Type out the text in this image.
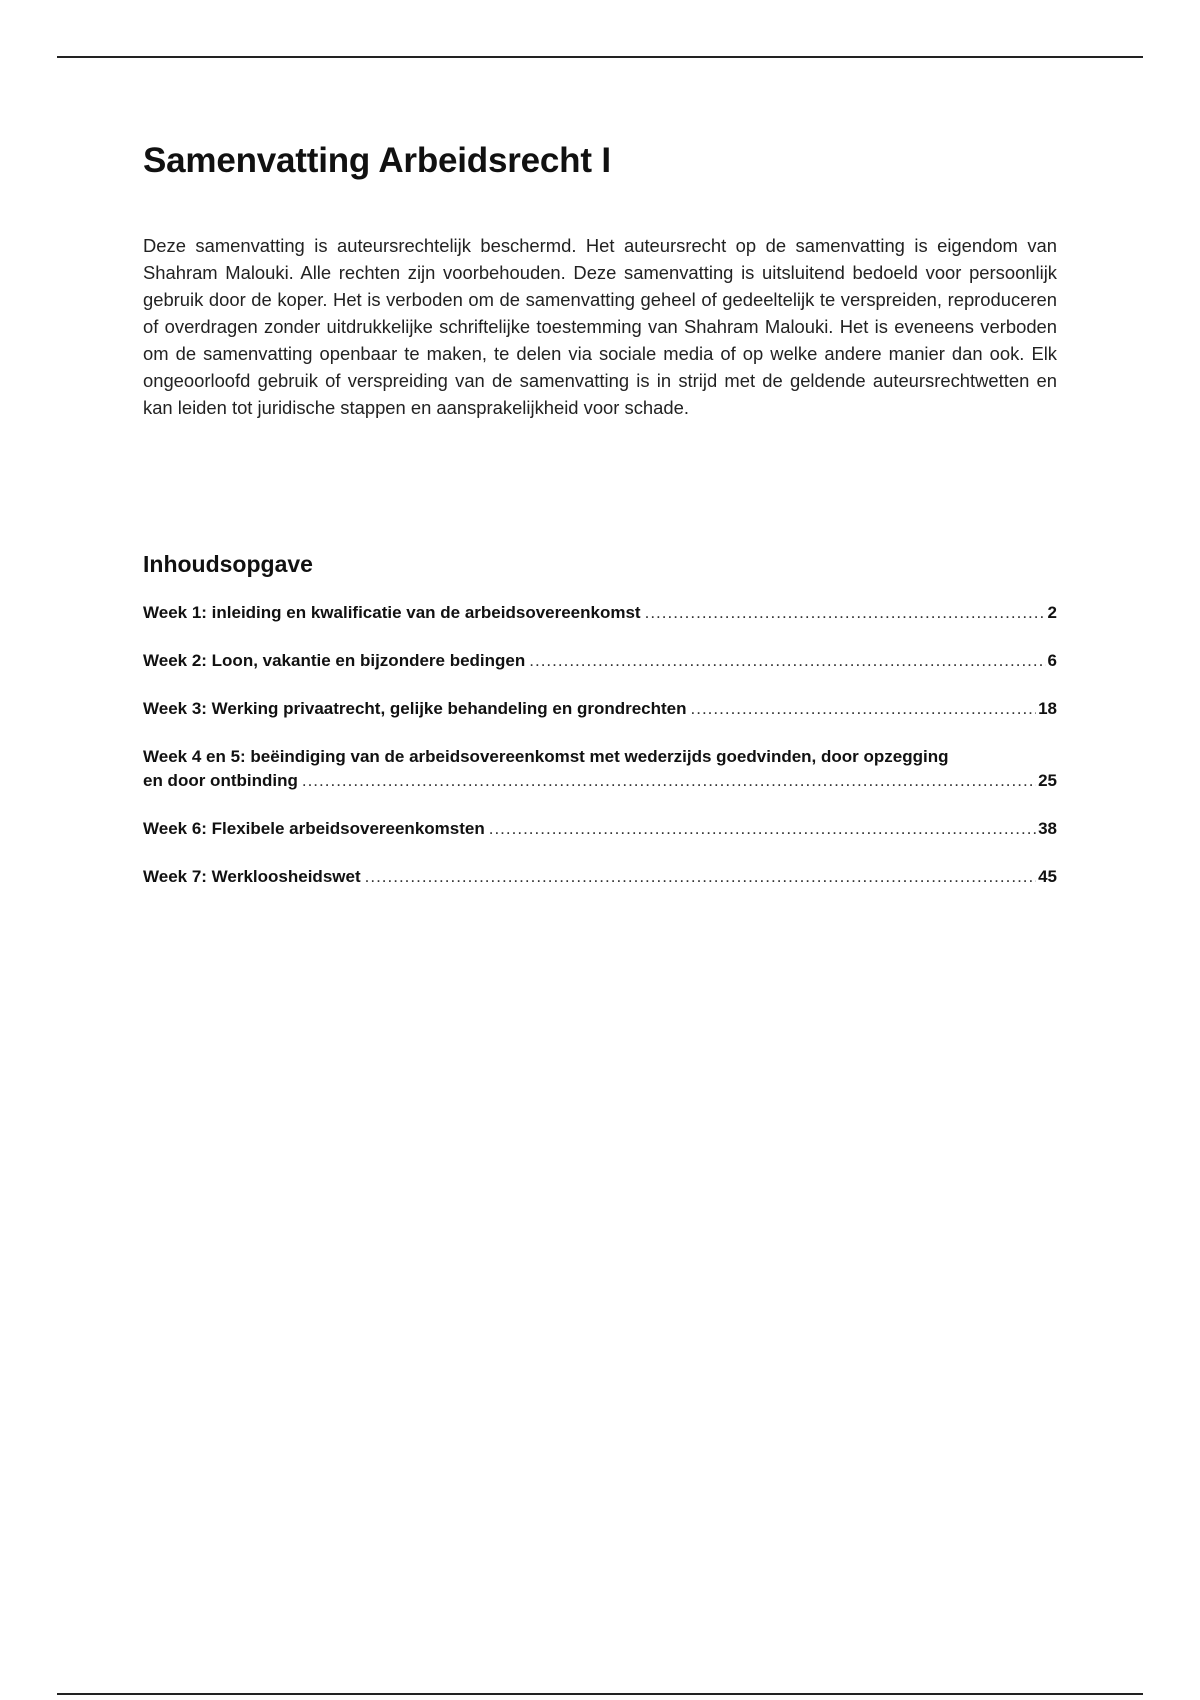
Samenvatting Arbeidsrecht I

Deze samenvatting is auteursrechtelijk beschermd. Het auteursrecht op de samenvatting is eigendom van Shahram Malouki. Alle rechten zijn voorbehouden. Deze samenvatting is uitsluitend bedoeld voor persoonlijk gebruik door de koper. Het is verboden om de samenvatting geheel of gedeeltelijk te verspreiden, reproduceren of overdragen zonder uitdrukkelijke schriftelijke toestemming van Shahram Malouki. Het is eveneens verboden om de samenvatting openbaar te maken, te delen via sociale media of op welke andere manier dan ook. Elk ongeoorloofd gebruik of verspreiding van de samenvatting is in strijd met de geldende auteursrechtwetten en kan leiden tot juridische stappen en aansprakelijkheid voor schade.

Inhoudsopgave
Week 1: inleiding en kwalificatie van de arbeidsovereenkomst .....	2
Week 2: Loon, vakantie en bijzondere bedingen .....	6
Week 3: Werking privaatrecht, gelijke behandeling en grondrechten .....	18
Week 4 en 5: beëindiging van de arbeidsovereenkomst met wederzijds goedvinden, door opzegging
en door ontbinding .....	25
Week 6: Flexibele arbeidsovereenkomsten .....	38
Week 7: Werkloosheidswet .....	45
